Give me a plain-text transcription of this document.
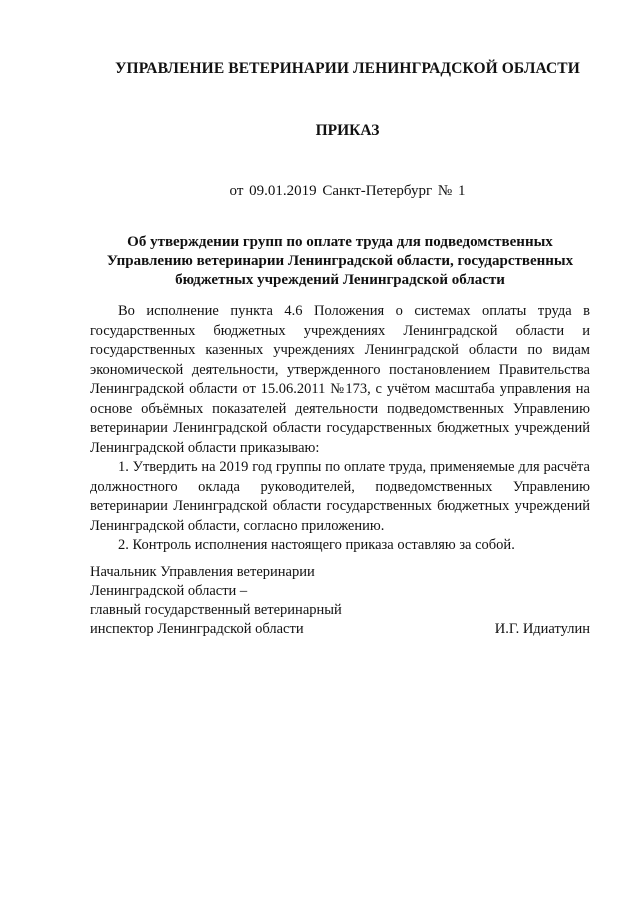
УПРАВЛЕНИЕ ВЕТЕРИНАРИИ ЛЕНИНГРАДСКОЙ ОБЛАСТИ
ПРИКАЗ
от 09.01.2019 Санкт-Петербург № 1
Об утверждении групп по оплате труда для подведомственных Управлению ветеринарии Ленинградской области, государственных бюджетных учреждений Ленинградской области

Во исполнение пункта 4.6 Положения о системах оплаты труда в государственных бюджетных учреждениях Ленинградской области и государственных казенных учреждениях Ленинградской области по видам экономической деятельности, утвержденного постановлением Правительства Ленинградской области от 15.06.2011 №173, с учётом масштаба управления на основе объёмных показателей деятельности подведомственных Управлению ветеринарии Ленинградской области государственных бюджетных учреждений Ленинградской области приказываю:

1. Утвердить на 2019 год группы по оплате труда, применяемые для расчёта должностного оклада руководителей, подведомственных Управлению ветеринарии Ленинградской области государственных бюджетных учреждений Ленинградской области, согласно приложению.

2. Контроль исполнения настоящего приказа оставляю за собой.

Начальник Управления ветеринарии
Ленинградской области –
главный государственный ветеринарный
инспектор Ленинградской области	И.Г. Идиатулин
